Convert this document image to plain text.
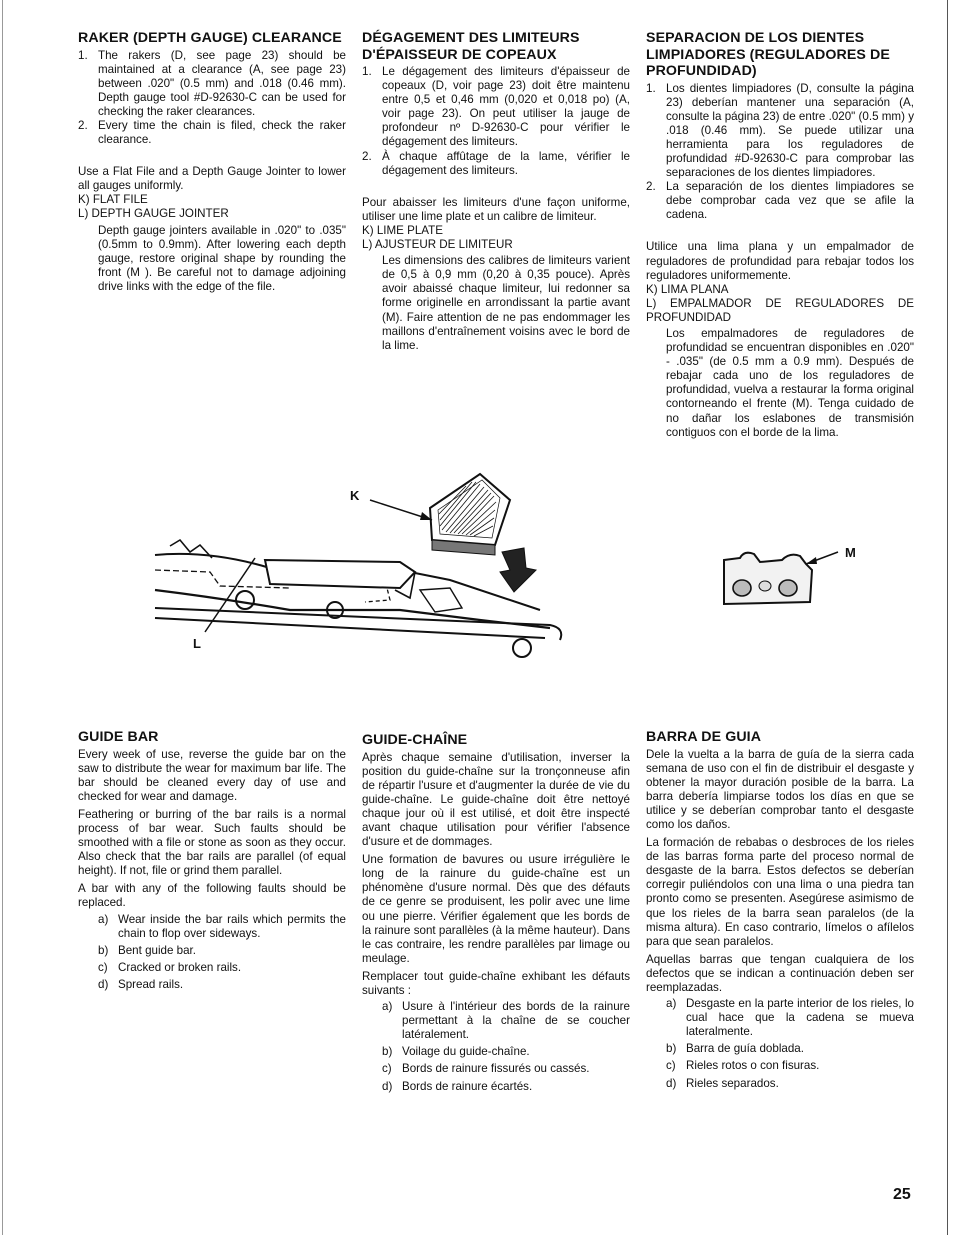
RAKER (DEPTH GAUGE) CLEARANCE
1. The rakers (D, see page 23) should be maintained at a clearance (A, see page 23) between .020" (0.5 mm) and .018 (0.46 mm). Depth gauge tool #D-92630-C can be used for checking the raker clearances.
2. Every time the chain is filed, check the raker clearance.

Use a Flat File and a Depth Gauge Jointer to lower all gauges uniformly.

K) FLAT FILE

L) DEPTH GAUGE JOINTER

Depth gauge jointers available in .020" to .035" (0.5mm to 0.9mm). After lowering each depth gauge, restore original shape by rounding the front (M ). Be careful not to damage adjoining drive links with the edge of the file.

DÉGAGEMENT DES LIMITEURS D'ÉPAISSEUR DE COPEAUX
1. Le dégagement des limiteurs d'épaisseur de copeaux (D, voir page 23) doit être maintenu entre 0,5 et 0,46 mm (0,020 et 0,018 po) (A, voir page 23). On peut utiliser la jauge de profondeur nº D-92630-C pour vérifier le dégagement des limiteurs.
2. À chaque affûtage de la lame, vérifier le dégagement des limiteurs.

Pour abaisser les limiteurs d'une façon uniforme, utiliser une lime plate et un calibre de limiteur.

K) LIME PLATE

L) AJUSTEUR DE LIMITEUR

Les dimensions des calibres de limiteurs varient de 0,5 à 0,9 mm (0,20 à 0,35 pouce). Après avoir abaissé chaque limiteur, lui redonner sa forme originelle en arrondissant la partie avant (M). Faire attention de ne pas endommager les maillons d'entraînement voisins avec le bord de la lime.

SEPARACION DE LOS DIENTES LIMPIADORES (REGULADORES DE PROFUNDIDAD)
1. Los dientes limpiadores (D, consulte la página 23) deberían mantener una separación (A, consulte la página 23) de entre .020" (0.5 mm) y .018 (0.46 mm). Se puede utilizar una herramienta para los reguladores de profundidad #D-92630-C para comprobar las separaciones de los dientes limpiadores.
2. La separación de los dientes limpiadores se debe comprobar cada vez que se afile la cadena.

Utilice una lima plana y un empalmador de reguladores de profundidad para rebajar todos los reguladores uniformemente.

K) LIMA PLANA

L) EMPALMADOR DE REGULADORES DE PROFUNDIDAD

Los empalmadores de reguladores de profundidad se encuentran disponibles en .020" - .035" (de 0.5 mm a 0.9 mm). Después de rebajar cada uno de los reguladores de profundidad, vuelva a restaurar la forma original contorneando el frente (M). Tenga cuidado de no dañar los eslabones de transmisión contiguos con el borde de la lima.

K
L
M
GUIDE BAR

Every week of use, reverse the guide bar on the saw to distribute the wear for maximum bar life. The bar should be cleaned every day of use and checked for wear and damage.

Feathering or burring of the bar rails is a normal process of bar wear. Such faults should be smoothed with a file or stone as soon as they occur. Also check that the bar rails are parallel (of equal height). If not, file or grind them parallel.

A bar with any of the following faults should be replaced.

a) Wear inside the bar rails which permits the chain to flop over sideways.
b) Bent guide bar.
c) Cracked or broken rails.
d) Spread rails.
GUIDE-CHAÎNE

Après chaque semaine d'utilisation, inverser la position du guide-chaîne sur la tronçonneuse afin de répartir l'usure et d'augmenter la durée de vie du guide-chaîne. Le guide-chaîne doit être nettoyé chaque jour où il est utilisé, et doit être inspecté avant chaque utilisation pour vérifier l'absence d'usure et de dommages.

Une formation de bavures ou usure irrégulière le long de la rainure du guide-chaîne est un phénomène d'usure normal. Dès que des défauts de ce genre se produisent, les polir avec une lime ou une pierre. Vérifier également que les bords de la rainure sont parallèles (à la même hauteur). Dans le cas contraire, les rendre parallèles par limage ou meulage.

Remplacer tout guide-chaîne exhibant les défauts suivants :

a) Usure à l'intérieur des bords de la rainure permettant à la chaîne de se coucher latéralement.
b) Voilage du guide-chaîne.
c) Bords de rainure fissurés ou cassés.
d) Bords de rainure écartés.
BARRA DE GUIA

Dele la vuelta a la barra de guía de la sierra cada semana de uso con el fin de distribuir el desgaste y obtener la mayor duración posible de la barra. La barra debería limpiarse todos los días en que se utilice y se deberían comprobar tanto el desgaste como los daños.

La formación de rebabas o desbroces de los rieles de las barras forma parte del proceso normal de desgaste de la barra. Estos defectos se deberían corregir puliéndolos con una lima o una piedra tan pronto como se presenten. Asegúrese asimismo de que los rieles de la barra sean paralelos (de la misma altura). En caso contrario, límelos o afílelos para que sean paralelos.

Aquellas barras que tengan cualquiera de los defectos que se indican a continuación deben ser reemplazadas.

a) Desgaste en la parte interior de los rieles, lo cual hace que la cadena se mueva lateralmente.
b) Barra de guía doblada.
c) Rieles rotos o con fisuras.
d) Rieles separados.
25
